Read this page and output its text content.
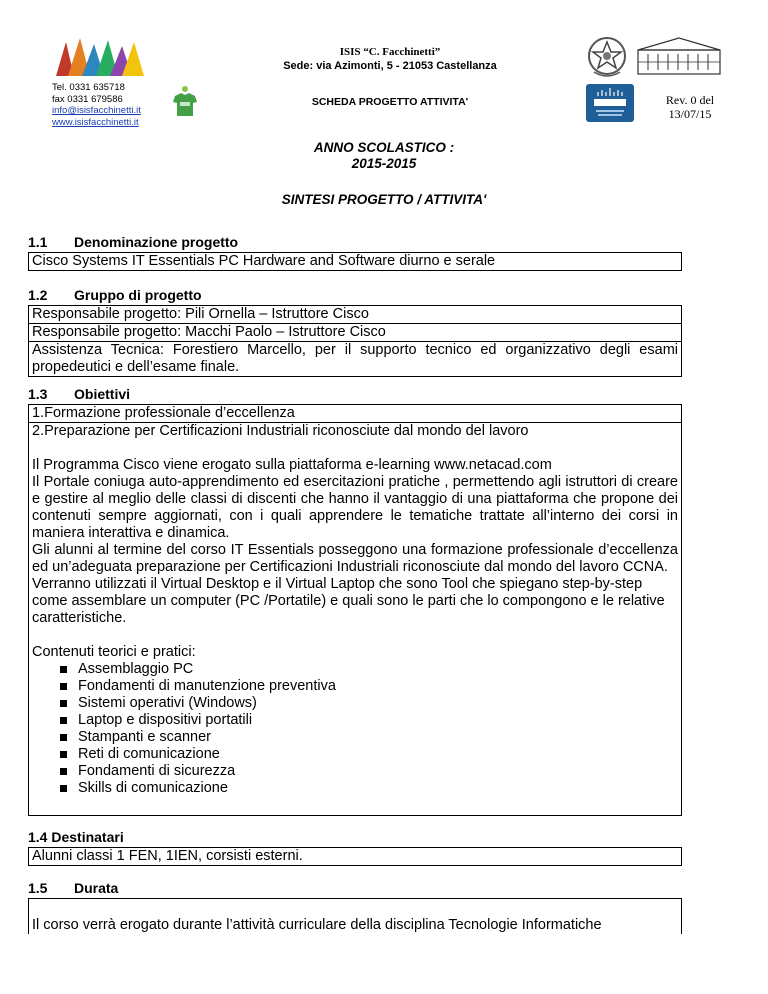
Tel. 0331 635718
fax 0331 679586
info@isisfacchinetti.it
www.isisfacchinetti.it
ISIS “C. Facchinetti”
Sede: via Azimonti, 5 - 21053 Castellanza
SCHEDA PROGETTO ATTIVITA'	Rev. 0 del
13/07/15
ANNO SCOLASTICO :
2015-2015
SINTESI PROGETTO / ATTIVITA'
1.1 Denominazione progetto
Cisco Systems IT Essentials PC Hardware and Software diurno e serale
1.2 Gruppo di progetto
Responsabile progetto: Pili Ornella – Istruttore Cisco
Responsabile progetto: Macchi Paolo – Istruttore Cisco
Assistenza Tecnica: Forestiero Marcello, per il supporto tecnico ed organizzativo degli esami propedeutici e dell’esame finale.
1.3 Obiettivi
1.Formazione professionale d’eccellenza

2.Preparazione per Certificazioni Industriali riconosciute dal mondo del lavoro

Il Programma Cisco viene erogato sulla piattaforma e-learning www.netacad.com

Il Portale coniuga auto-apprendimento ed esercitazioni pratiche , permettendo agli istruttori di creare e gestire al meglio delle classi di discenti che hanno il vantaggio di una piattaforma che propone dei contenuti sempre aggiornati, con i quali apprendere le tematiche trattate all’interno dei corsi in maniera interattiva e dinamica.

Gli alunni al termine del corso IT Essentials posseggono una formazione professionale d’eccellenza ed un’adeguata preparazione per Certificazioni Industriali riconosciute dal mondo del lavoro CCNA.

Verranno utilizzati il Virtual Desktop e il Virtual Laptop che sono Tool che spiegano step-by-step come assemblare un computer (PC /Portatile) e quali sono le parti che lo compongono e le relative caratteristiche.

Contenuti teorici e pratici:

Assemblaggio PC
Fondamenti di manutenzione preventiva
Sistemi operativi (Windows)
Laptop e dispositivi portatili
Stampanti e scanner
Reti di comunicazione
Fondamenti di sicurezza
Skills di comunicazione
1.4 Destinatari
Alunni classi 1 FEN, 1IEN, corsisti esterni.
1.5 Durata
Il corso verrà erogato durante l’attività curriculare della disciplina Tecnologie Informatiche
